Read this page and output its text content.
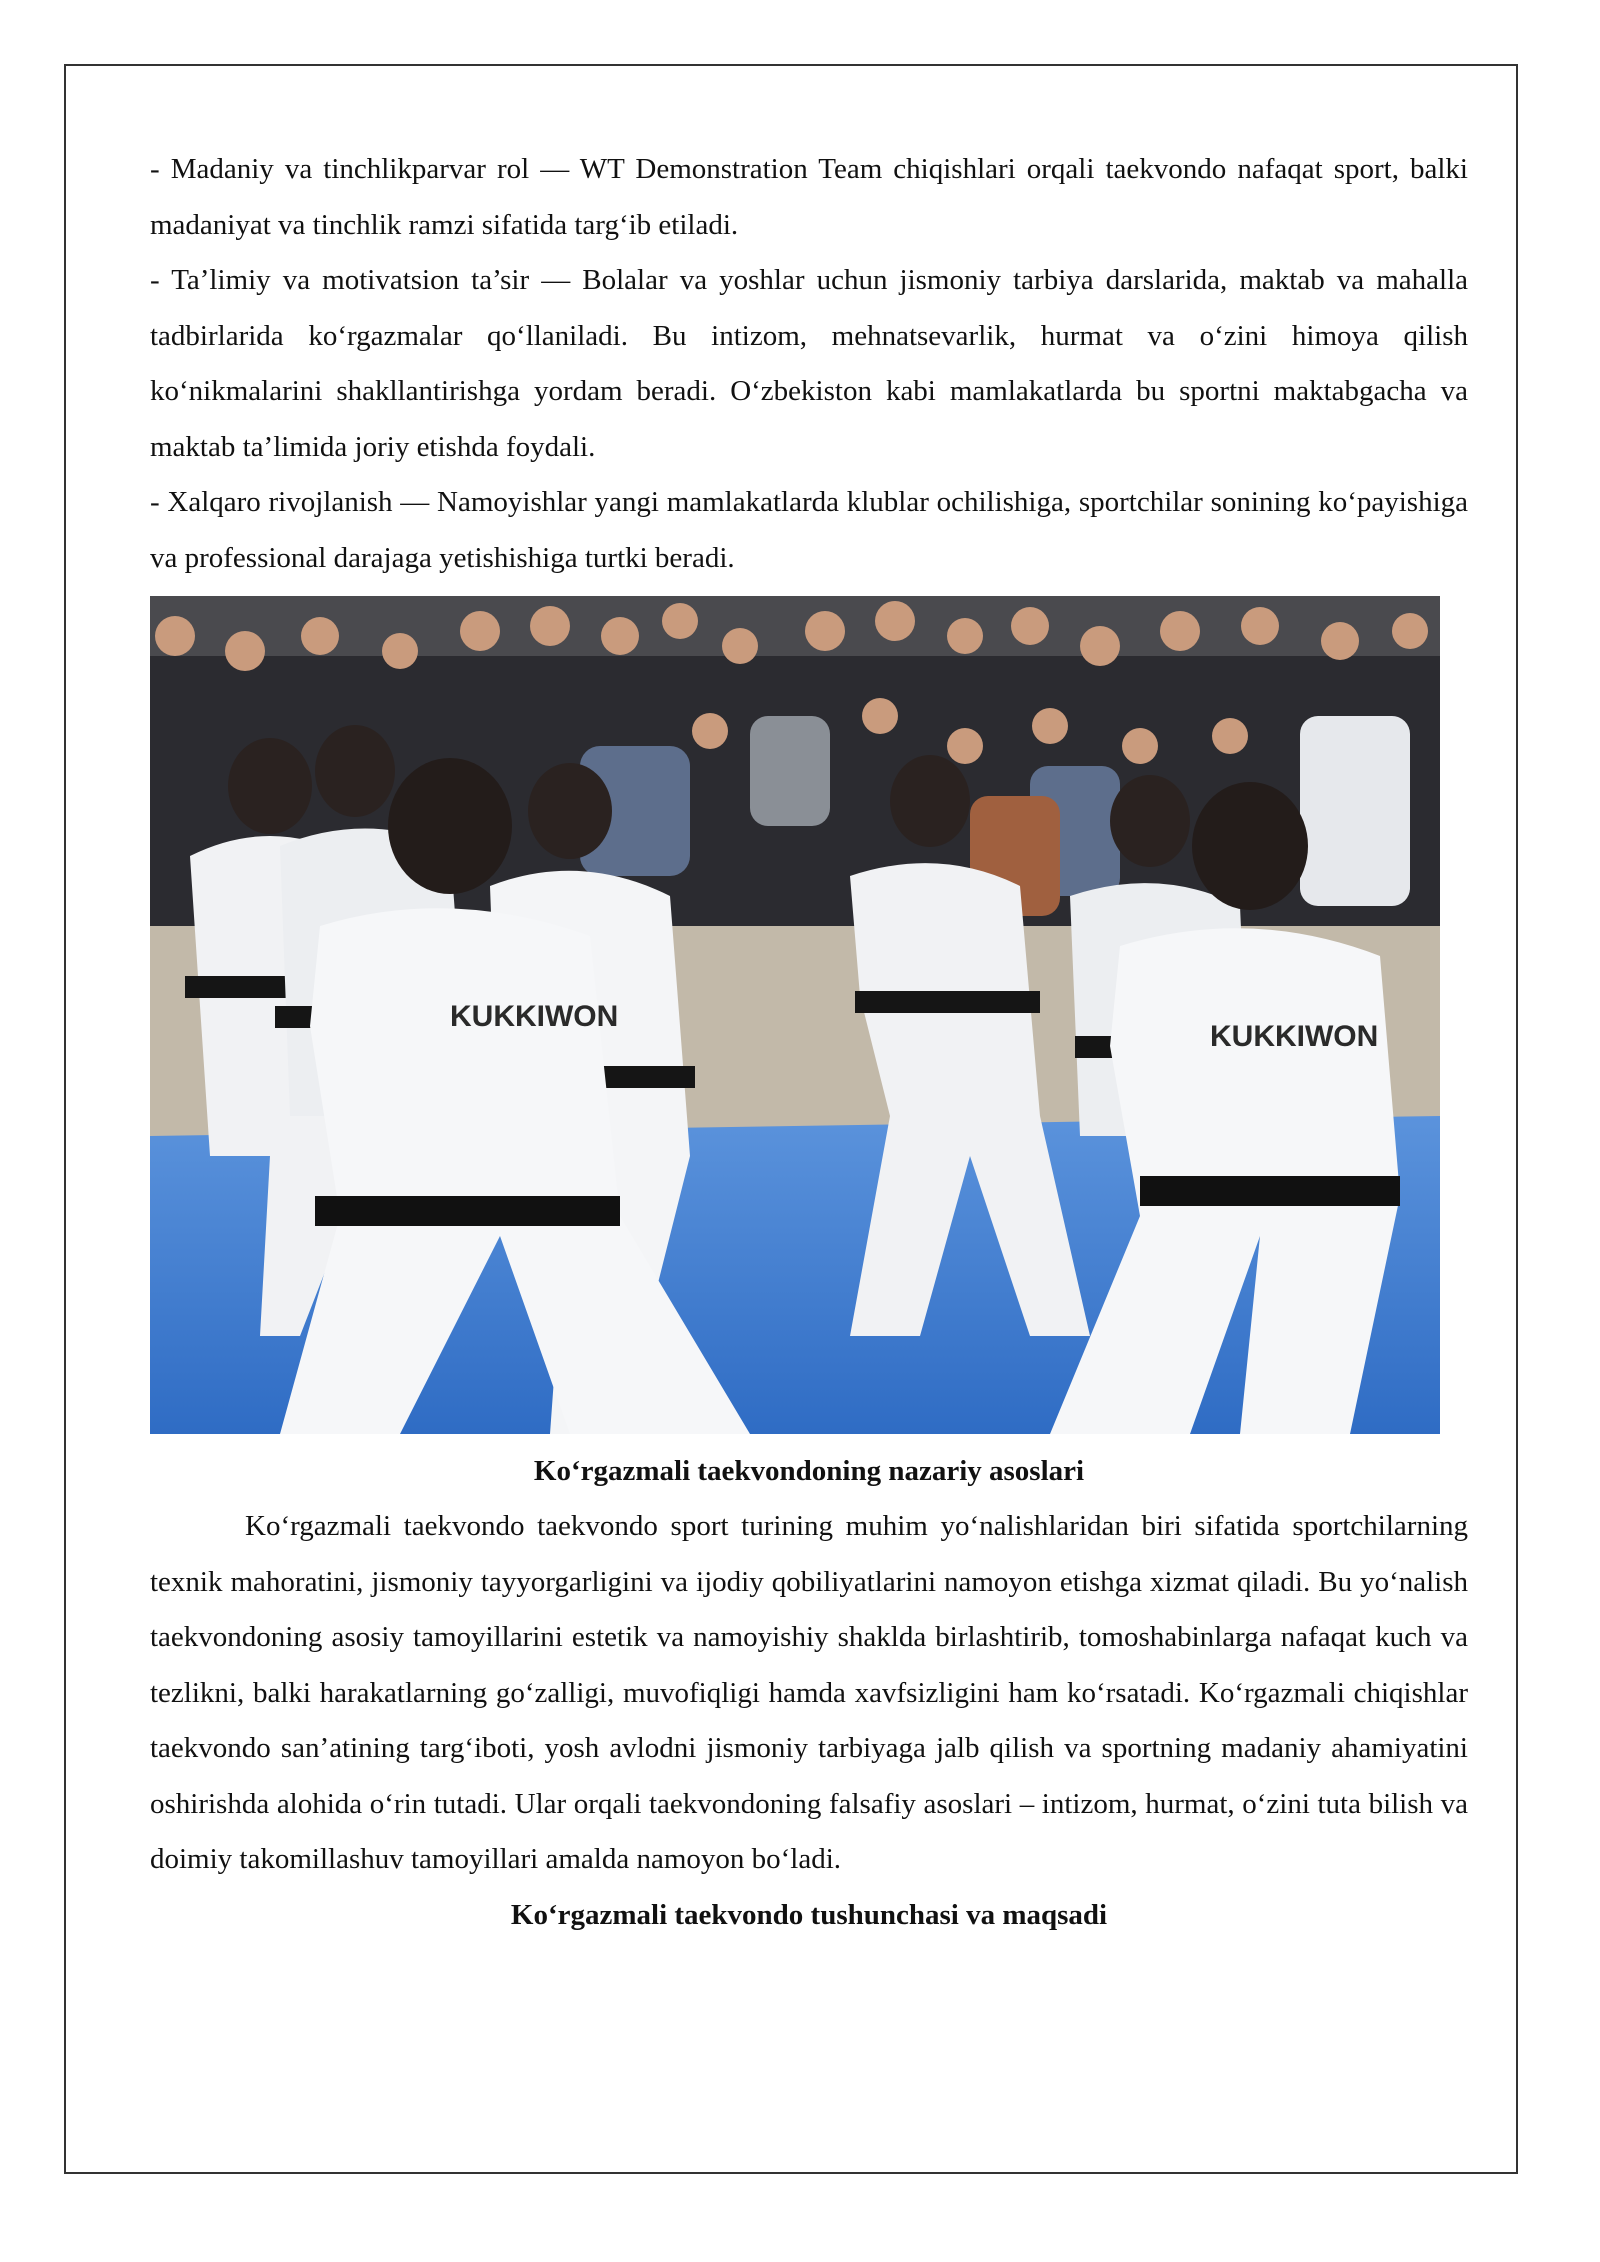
- Madaniy va tinchlikparvar rol — WT Demonstration Team chiqishlari orqali taekvondo nafaqat sport, balki madaniyat va tinchlik ramzi sifatida targ‘ib etiladi.

- Ta’limiy va motivatsion ta’sir — Bolalar va yoshlar uchun jismoniy tarbiya darslarida, maktab va mahalla tadbirlarida ko‘rgazmalar qo‘llaniladi. Bu intizom, mehnatsevarlik, hurmat va o‘zini himoya qilish ko‘nikmalarini shakllantirishga yordam beradi. O‘zbekiston kabi mamlakatlarda bu sportni maktabgacha va maktab ta’limida joriy etishda foydali.

- Xalqaro rivojlanish — Namoyishlar yangi mamlakatlarda klublar ochilishiga, sportchilar sonining ko‘payishiga va professional darajaga yetishishiga turtki beradi.

KUKKIWON
KUKKIWON

Ko‘rgazmali taekvondoning nazariy asoslari

Ko‘rgazmali taekvondo taekvondo sport turining muhim yo‘nalishlaridan biri sifatida sportchilarning texnik mahoratini, jismoniy tayyorgarligini va ijodiy qobiliyatlarini namoyon etishga xizmat qiladi. Bu yo‘nalish taekvondoning asosiy tamoyillarini estetik va namoyishiy shaklda birlashtirib, tomoshabinlarga nafaqat kuch va tezlikni, balki harakatlarning go‘zalligi, muvofiqligi hamda xavfsizligini ham ko‘rsatadi. Ko‘rgazmali chiqishlar taekvondo san’atining targ‘iboti, yosh avlodni jismoniy tarbiyaga jalb qilish va sportning madaniy ahamiyatini oshirishda alohida o‘rin tutadi. Ular orqali taekvondoning falsafiy asoslari – intizom, hurmat, o‘zini tuta bilish va doimiy takomillashuv tamoyillari amalda namoyon bo‘ladi.

Ko‘rgazmali taekvondo tushunchasi va maqsadi
